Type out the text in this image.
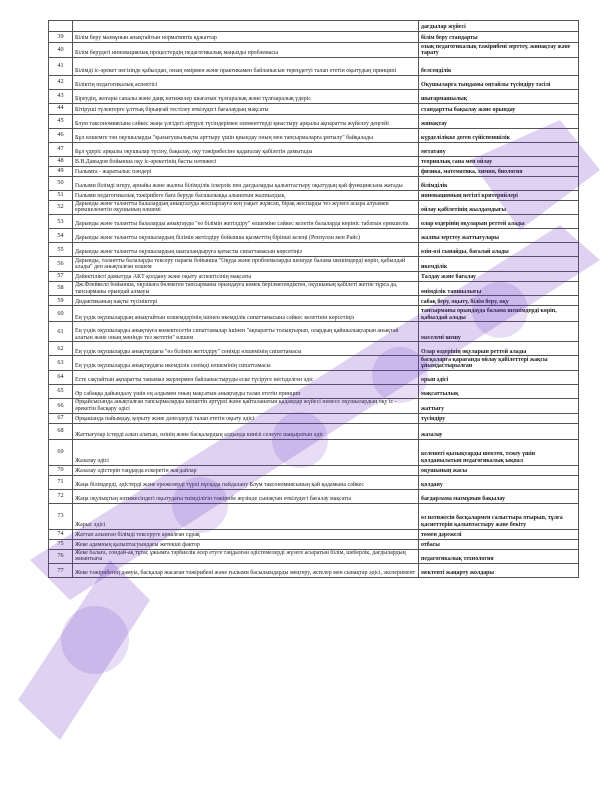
		дағдылар жүйесі
39	Білім беру мазмұнын анықтайтын нормативтік құжаттар	білім беру стандарты
40	Білім берудегі инновациялық процестердің педагогикалық маңызды проблемасы	озық педагогикалық тәжірибені зерттеу, жинақтау және тарату
41	Білімді іс-әрекет негізінде қабылдап, оның өмірмен және практикамен байланысын тереңдетуі талап ететін оқытудың принципі	белсенділік
42	Біліктің педагогикалық аспектісі	Оқушыларға тыңдамы оңтайлы түсіндіру тәсілі
43	Біреудің, жоғары сапалы және даңқ нәтижелер шығатын тұлғаралық және тұлғааралық үдеріс	шығармашылық
44	Бітіруші түлектерге ұлттық бірыңғай тестілеу өткізудегі бағалаудың мақсаты	стандартты бақылау және орындау
45	Блум таксономиясына сәйкес жаңа үлгідегі әртүрлі түсіндерімен элементтерді қиыстыру арқылы ақпаратты жүйелеу деңгейі	жинақтау
46	Бұл өлшемге тән оқушыларды "қызығушылықты арттыру үшін қиындау оның мен тапсырмаларға ұмтылу" байқалады	күрделілікке деген сүйіспеншілік
47	Бұл үдеріс арқылы оқушылар түсіну, бақылау, оқу тәжірибесіне қадағалау қабілетін дамытады	метатану
48	В.В.Давыдов бойынша оқу іс-әрекетінің басты нәтижесі	теориялық сана мен ойлау
49	Гылымға - жаратылыс пәндері	физика, математика, химия, биология
50	Гылыми білімді игеру, арнайы және жалпы білімділік іскерлік пен дағдыларды қалыптастыру оқытудың қай функциясына жатады	білімділік
51	Гылыми педагогикалық тәжірибеге баға беруде басшылыққа алынатын жалпылдық	инновацияның негізгі критерийлері
52	Дарынды және талантты балалардың анықталуда жоспарлауға кең уақыт жұмсап, бірақ жоспарды тез жүзеге асыра алуымен ерекшеленетін оқушының өлшемі	ойлау қабілетінің жылдамдығы
53	Дарынды және талантты балаларды анықтауды "өз білімін жетілдіру" өлшеміне сәйкес келетін балаларда көрініс табатын ерекшелік	олар өздерінің оқуларын реттей алады
54	Дарынды және талантты оқушылардың білімін жетілдіру бойынша қызметтің бірінші кезеңі (Рензулли мен Райс)	жалпы зерттеу жаттығулары
55	Дарынды және талантты оқушылардың шыгаландыруға қатысты сипаттамасын көрсетіңіз	өзін-өзі сынайды, бағалай алады
56	Дарынды, талантты балаларды тексеру парағы бойынша "Оқуда және проблемаларды шешуде балама шешімдерді көріп, қабылдай алады" деп анықталған өлшем	икемділік
57	Дәйектілікті дамытуда АКТ қолдану және оқыту аспектісінің мақсаты	Талдау және бағалау
58	Дж.Флейвелл бойынша, оқушыға бөлмеген тапсырманы орындауға көмек берілмегендіктен, оқушының қабілеті жетпе тұрса да, тапсырманы орындай алмауы	өнімділік тапшылығы
59	Дидактиканың нақты түсініктері	сабақ беру, оқыту, білім беру, оқу
60	Ең үздік оқушылардың анықтайтын өлшемдерінің ішінен икемділік сипаттамасына сәйкес келетінін көрсетіңіз	тапсырманы орындауда балама шешімдерді көріп, қабылдай алады
61	Ең үздік оқушыларды анықтауға көмектесетін сипаттамалар ішінен "ақпаратты толықтырып, олардың қайшылықтарын анықтай алатын және оның мәнінде тез жететін" өлшем	мәселені шешу
62	Ең үздік оқушыларды анықтаудағы "өз білімін жетілдіру" сенімді өлшемінің сипаттамасы	Олар өздерінің оқуларын реттей алады
63	Ең үздік оқушыларды анықтаудағы икемділік сенімді өлшемінің сипаттамасы	басқаларға қарағанда ойлау қабілеттері жақсы ұйымдастырылған
64	Есте сақтайтын ақпаратты танымал жерлермен байланыстыруды еске түсіруге негізделген әдіс	орын әдісі
65	Әр сабаққа дайындалу үшін ең алдымен оның мақсатын анықтауды талап ететін принцип	мақсаттылық
66	Әрқайсысында анықталған тапсырмаларды шешетін әртүрлі және қайталанатын қадамдар жүйесі немесе оқушылардың оқу іс - әрекетін басқару әдісі	жаттығу
67	Әрқашанда пайымдау, қорыту және дәлелдеуді талап ететін оқыту әдісі	түсіндіру
68	Жаттығулар істерді алып алатын, өзінің және басқалардың алдында кинізі селеуге шақыратын әдіс	жазалау
69	Жазалау әдісі	келешегі қызықтарды шектен, тежеу үшін қолданылатын педагогикалық ықпал
70	Жазалау әдістерін таңдауда ескеретін жағдайлар	оқушының жасы
71	Жаңа білімдерді, әдістерді және ережелерді түрлі нұсқада пайдалану Блум таксономиясының қай қадамына сәйкес	қолдану
72	Жаңа оқулықтың нәтижесіндегі оқытудағы тиімділігін тәжірибе жүзінде сынақтан өткізудегі бағалау мақсаты	бағдарлама мазмұнын бақылау
73	Жарыс әдісі	өз нәтижесін басқалармен салыстыра отырып, тұлға қасиеттерін қалыптастыру және бекіту
74	Жаттап алынған білімді тексеруге арналған сұрақ	төмен дәрежелі
75	Жеке адамның қалыптасуындағы жетекші фактор	отбасы
76	Жеке балаға, сондай-ақ тұтас ұжымға тәрбиелік әсер етуге таңдалған әдістемелерді жүзеге асыратын білім, шеберлік, дағдылардың жиынтығы	педагогикалық технология
77	Жеке тәжірибенің дамуы, басқалар жасаған тәжірибені және ғылыми басылымдарды меңгеру, әктелер мен сынақтар әдісі, эксперимент	мектепті жаңарту жолдары
